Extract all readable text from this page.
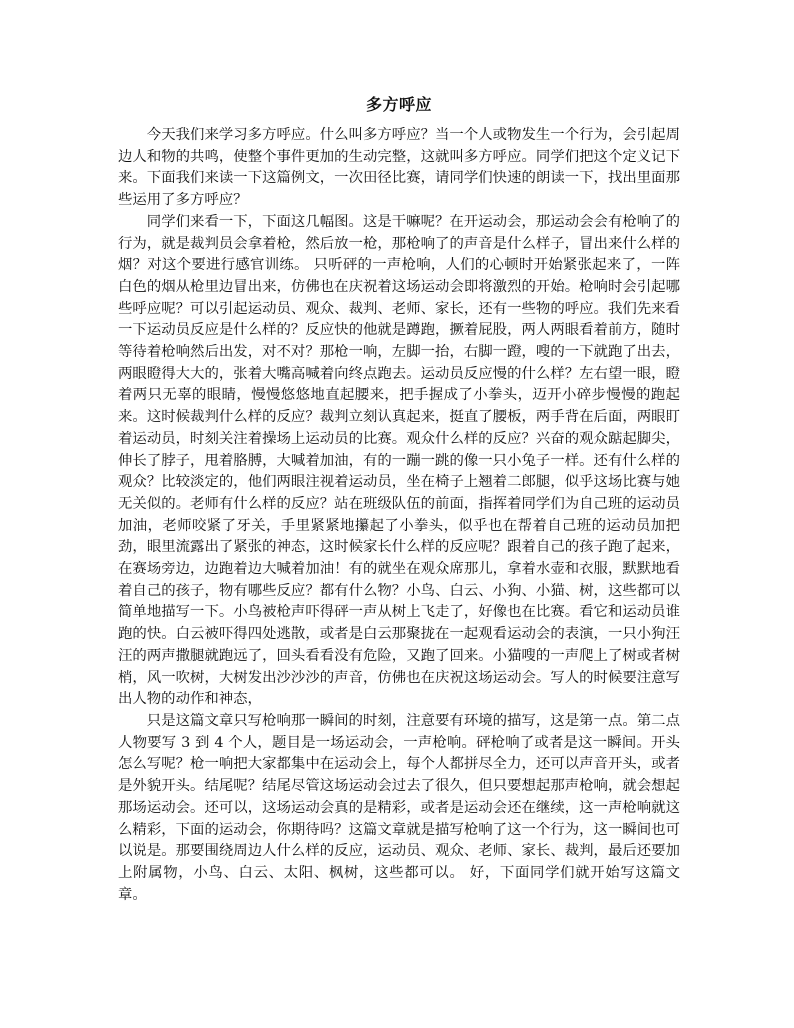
多方呼应

今天我们来学习多方呼应。什么叫多方呼应？当一个人或物发生一个行为，会引起周边人和物的共鸣，使整个事件更加的生动完整，这就叫多方呼应。同学们把这个定义记下来。下面我们来读一下这篇例文，一次田径比赛，请同学们快速的朗读一下，找出里面那些运用了多方呼应？

同学们来看一下，下面这几幅图。这是干嘛呢？在开运动会，那运动会会有枪响了的行为，就是裁判员会拿着枪，然后放一枪，那枪响了的声音是什么样子，冒出来什么样的烟？对这个要进行感官训练。 只听砰的一声枪响，人们的心顿时开始紧张起来了，一阵白色的烟从枪里边冒出来，仿佛也在庆祝着这场运动会即将激烈的开始。枪响时会引起哪些呼应呢？可以引起运动员、观众、裁判、老师、家长，还有一些物的呼应。我们先来看一下运动员反应是什么样的？反应快的他就是蹲跑，撅着屁股，两人两眼看着前方，随时等待着枪响然后出发，对不对？那枪一响，左脚一抬，右脚一蹬，嗖的一下就跑了出去，两眼瞪得大大的，张着大嘴高喊着向终点跑去。运动员反应慢的什么样？左右望一眼，瞪着两只无辜的眼睛，慢慢悠悠地直起腰来，把手握成了小拳头，迈开小碎步慢慢的跑起来。这时候裁判什么样的反应？裁判立刻认真起来，挺直了腰板，两手背在后面，两眼盯着运动员，时刻关注着操场上运动员的比赛。观众什么样的反应？兴奋的观众踮起脚尖，伸长了脖子，甩着胳膊，大喊着加油，有的一蹦一跳的像一只小兔子一样。还有什么样的观众？比较淡定的，他们两眼注视着运动员，坐在椅子上翘着二郎腿，似乎这场比赛与她无关似的。老师有什么样的反应？站在班级队伍的前面，指挥着同学们为自己班的运动员加油，老师咬紧了牙关，手里紧紧地攥起了小拳头，似乎也在帮着自己班的运动员加把劲，眼里流露出了紧张的神态，这时候家长什么样的反应呢？跟着自己的孩子跑了起来，在赛场旁边，边跑着边大喊着加油！有的就坐在观众席那儿，拿着水壶和衣服，默默地看着自己的孩子，物有哪些反应？都有什么物？小鸟、白云、小狗、小猫、树，这些都可以简单地描写一下。小鸟被枪声吓得砰一声从树上飞走了，好像也在比赛。看它和运动员谁跑的快。白云被吓得四处逃散，或者是白云那聚拢在一起观看运动会的表演，一只小狗汪汪的两声撒腿就跑远了，回头看看没有危险，又跑了回来。小猫嗖的一声爬上了树或者树梢，风一吹树，大树发出沙沙沙的声音，仿佛也在庆祝这场运动会。写人的时候要注意写出人物的动作和神态，

只是这篇文章只写枪响那一瞬间的时刻，注意要有环境的描写，这是第一点。第二点人物要写 3 到 4 个人，题目是一场运动会，一声枪响。砰枪响了或者是这一瞬间。开头怎么写呢？枪一响把大家都集中在运动会上，每个人都拼尽全力，还可以声音开头，或者是外貌开头。结尾呢？结尾尽管这场运动会过去了很久，但只要想起那声枪响，就会想起那场运动会。还可以，这场运动会真的是精彩，或者是运动会还在继续，这一声枪响就这么精彩，下面的运动会，你期待吗？这篇文章就是描写枪响了这一个行为，这一瞬间也可以说是。那要围绕周边人什么样的反应，运动员、观众、老师、家长、裁判，最后还要加上附属物，小鸟、白云、太阳、枫树，这些都可以。 好，下面同学们就开始写这篇文章。
